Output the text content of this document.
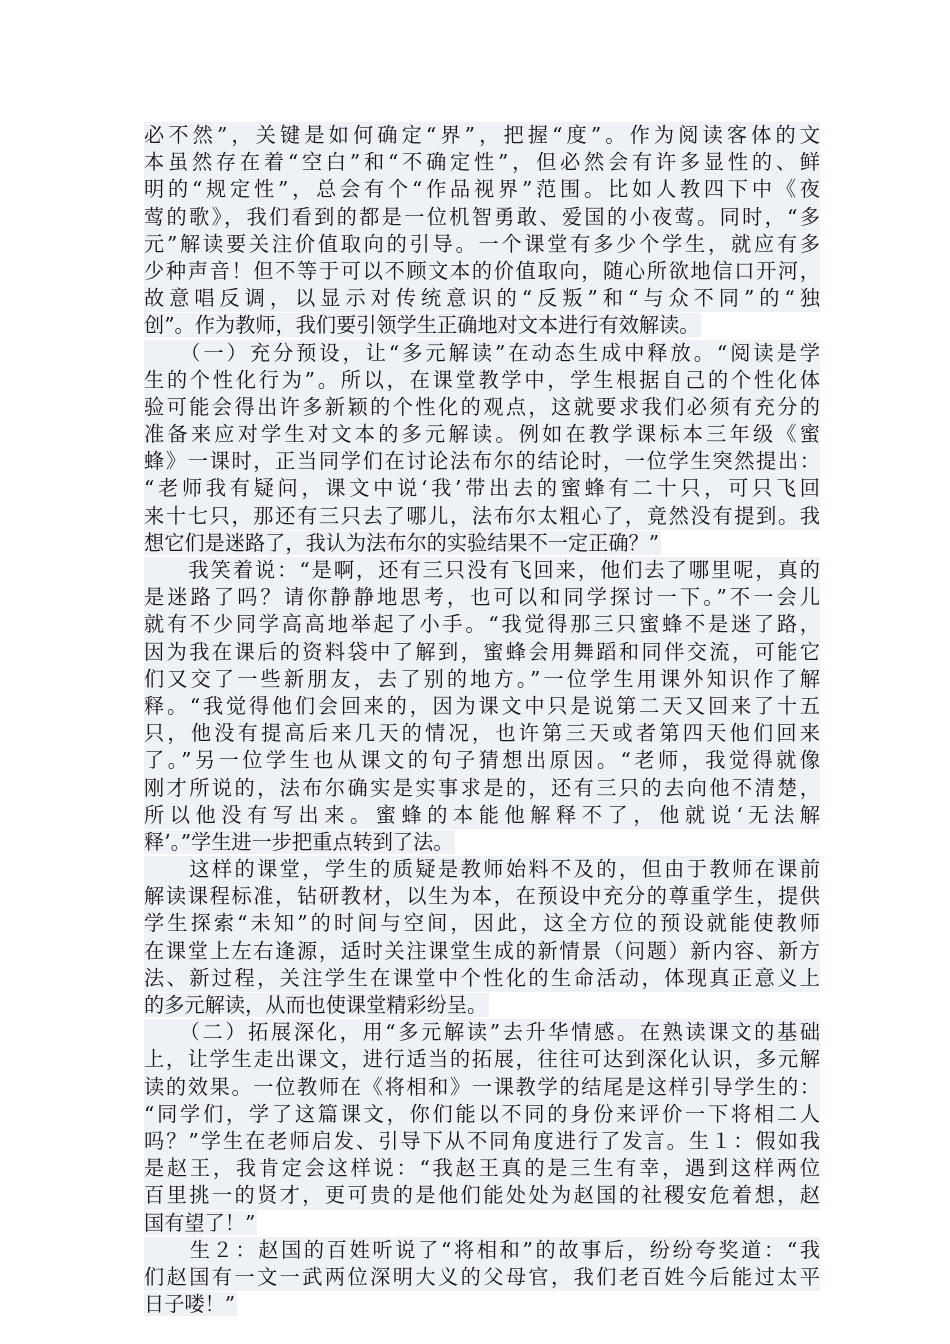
必不然”，关键是如何确定“界”，把握“度”。作为阅读客体的文
本虽然存在着“空白”和“不确定性”，但必然会有许多显性的、鲜
明的“规定性”，总会有个“作品视界”范围。比如人教四下中《夜
莺的歌》，我们看到的都是一位机智勇敢、爱国的小夜莺。同时，“多
元”解读要关注价值取向的引导。一个课堂有多少个学生，就应有多
少种声音！但不等于可以不顾文本的价值取向，随心所欲地信口开河，
故意唱反调，以显示对传统意识的“反叛”和“与众不同”的“独
创”。作为教师，我们要引领学生正确地对文本进行有效解读。
　　（一）充分预设，让“多元解读”在动态生成中释放。“阅读是学
生的个性化行为”。所以，在课堂教学中，学生根据自己的个性化体
验可能会得出许多新颖的个性化的观点，这就要求我们必须有充分的
准备来应对学生对文本的多元解读。例如在教学课标本三年级《蜜
蜂》一课时，正当同学们在讨论法布尔的结论时，一位学生突然提出：
“老师我有疑问，课文中说‘我’带出去的蜜蜂有二十只，可只飞回
来十七只，那还有三只去了哪儿，法布尔太粗心了，竟然没有提到。我
想它们是迷路了，我认为法布尔的实验结果不一定正确？”
　　我笑着说：“是啊，还有三只没有飞回来，他们去了哪里呢，真的
是迷路了吗？请你静静地思考，也可以和同学探讨一下。”不一会儿
就有不少同学高高地举起了小手。“我觉得那三只蜜蜂不是迷了路，
因为我在课后的资料袋中了解到，蜜蜂会用舞蹈和同伴交流，可能它
们又交了一些新朋友，去了别的地方。”一位学生用课外知识作了解
释。“我觉得他们会回来的，因为课文中只是说第二天又回来了十五
只，他没有提高后来几天的情况，也许第三天或者第四天他们回来
了。”另一位学生也从课文的句子猜想出原因。“老师，我觉得就像
刚才所说的，法布尔确实是实事求是的，还有三只的去向他不清楚，
所以他没有写出来。蜜蜂的本能他解释不了，他就说‘无法解
释’。”学生进一步把重点转到了法。
　　这样的课堂，学生的质疑是教师始料不及的，但由于教师在课前
解读课程标准，钻研教材，以生为本，在预设中充分的尊重学生，提供
学生探索“未知”的时间与空间，因此，这全方位的预设就能使教师
在课堂上左右逢源，适时关注课堂生成的新情景（问题）新内容、新方
法、新过程，关注学生在课堂中个性化的生命活动，体现真正意义上
的多元解读，从而也使课堂精彩纷呈。
　　（二）拓展深化，用“多元解读”去升华情感。在熟读课文的基础
上，让学生走出课文，进行适当的拓展，往往可达到深化认识，多元解
读的效果。一位教师在《将相和》一课教学的结尾是这样引导学生的：
“同学们，学了这篇课文，你们能以不同的身份来评价一下将相二人
吗？”学生在老师启发、引导下从不同角度进行了发言。生１：假如我
是赵王，我肯定会这样说：“我赵王真的是三生有幸，遇到这样两位
百里挑一的贤才，更可贵的是他们能处处为赵国的社稷安危着想，赵
国有望了！”
　　生２：赵国的百姓听说了“将相和”的故事后，纷纷夸奖道：“我
们赵国有一文一武两位深明大义的父母官，我们老百姓今后能过太平
日子喽！”
